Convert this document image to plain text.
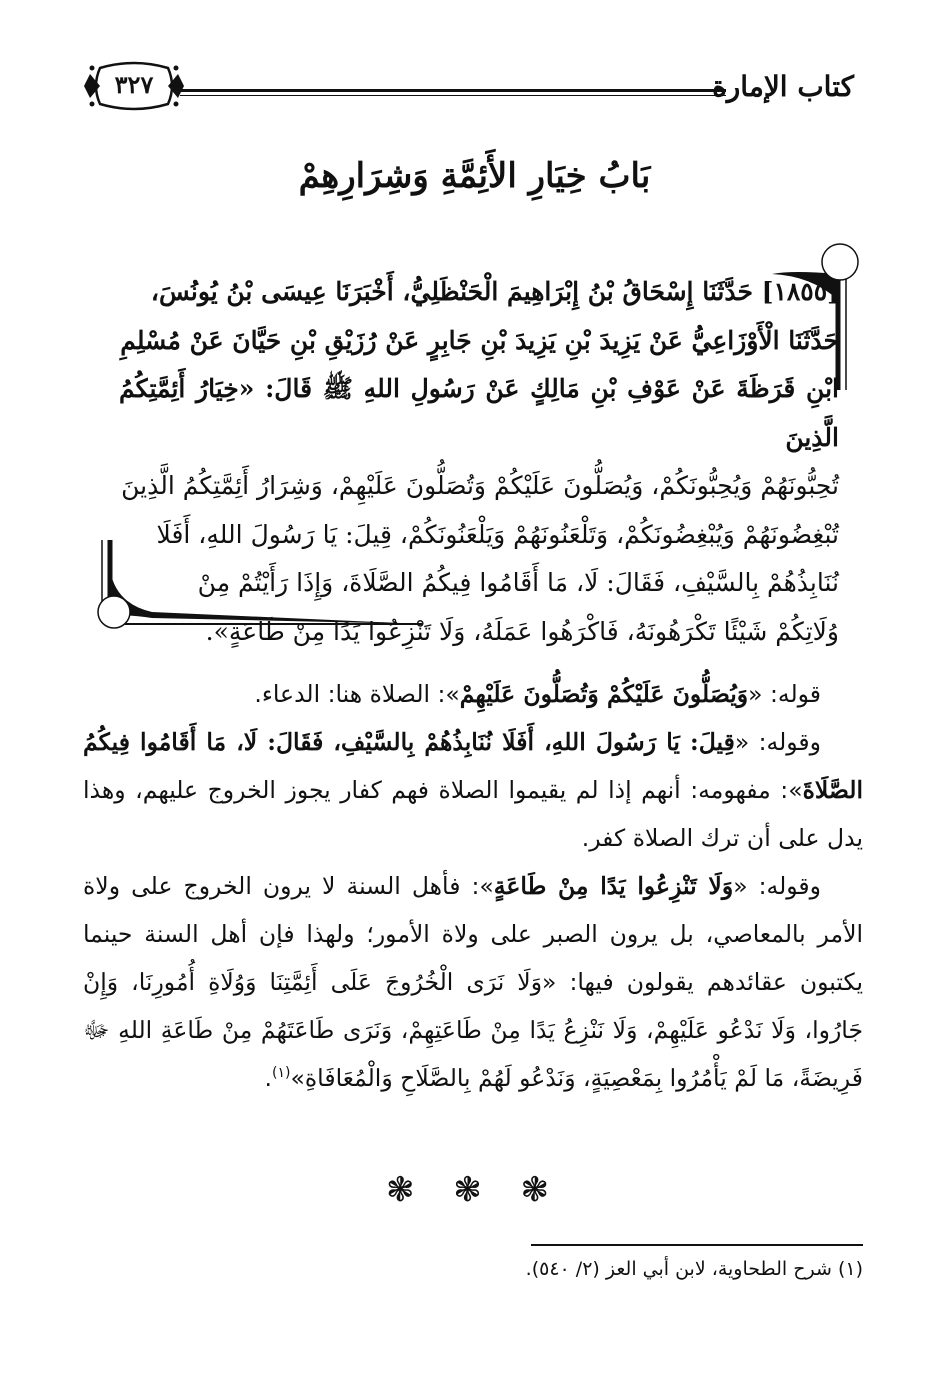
كتاب الإمارة
٣٢٧
بَابُ خِيَارِ الأَئِمَّةِ وَشِرَارِهِمْ
[١٨٥٥] حَدَّثَنَا إِسْحَاقُ بْنُ إِبْرَاهِيمَ الْحَنْظَلِيُّ، أَخْبَرَنَا عِيسَى بْنُ يُونُسَ،
حَدَّثَنَا الْأَوْزَاعِيُّ عَنْ يَزِيدَ بْنِ يَزِيدَ بْنِ جَابِرٍ عَنْ رُزَيْقِ بْنِ حَيَّانَ عَنْ مُسْلِمِ
ابْنِ قَرَظَةَ عَنْ عَوْفِ بْنِ مَالِكٍ عَنْ رَسُولِ اللهِ ﷺ قَالَ: «خِيَارُ أَئِمَّتِكُمُ الَّذِينَ
تُحِبُّونَهُمْ وَيُحِبُّونَكُمْ، وَيُصَلُّونَ عَلَيْكُمْ وَتُصَلُّونَ عَلَيْهِمْ، وَشِرَارُ أَئِمَّتِكُمُ الَّذِينَ
تُبْغِضُونَهُمْ وَيُبْغِضُونَكُمْ، وَتَلْعَنُونَهُمْ وَيَلْعَنُونَكُمْ، قِيلَ: يَا رَسُولَ اللهِ، أَفَلَا
نُنَابِذُهُمْ بِالسَّيْفِ، فَقَالَ: لَا، مَا أَقَامُوا فِيكُمُ الصَّلَاةَ، وَإِذَا رَأَيْتُمْ مِنْ
وُلَاتِكُمْ شَيْئًا تَكْرَهُونَهُ، فَاكْرَهُوا عَمَلَهُ، وَلَا تَنْزِعُوا يَدًا مِنْ طَاعَةٍ».

قوله: «وَيُصَلُّونَ عَلَيْكُمْ وَتُصَلُّونَ عَلَيْهِمْ»: الصلاة هنا: الدعاء.

وقوله: «قِيلَ: يَا رَسُولَ اللهِ، أَفَلَا نُنَابِذُهُمْ بِالسَّيْفِ، فَقَالَ: لَا، مَا أَقَامُوا فِيكُمُ الصَّلَاةَ»: مفهومه: أنهم إذا لم يقيموا الصلاة فهم كفار يجوز الخروج عليهم، وهذا يدل على أن ترك الصلاة كفر.

وقوله: «وَلَا تَنْزِعُوا يَدًا مِنْ طَاعَةٍ»: فأهل السنة لا يرون الخروج على ولاة الأمر بالمعاصي، بل يرون الصبر على ولاة الأمور؛ ولهذا فإن أهل السنة حينما يكتبون عقائدهم يقولون فيها: «وَلَا نَرَى الْخُرُوجَ عَلَى أَئِمَّتِنَا وَوُلَاةِ أُمُورِنَا، وَإِنْ جَارُوا، وَلَا نَدْعُو عَلَيْهِمْ، وَلَا نَنْزِعُ يَدًا مِنْ طَاعَتِهِمْ، وَنَرَى طَاعَتَهُمْ مِنْ طَاعَةِ اللهِ ﷻ فَرِيضَةً، مَا لَمْ يَأْمُرُوا بِمَعْصِيَةٍ، وَنَدْعُو لَهُمْ بِالصَّلَاحِ وَالْمُعَافَاةِ»$^{(١)}$.

❃ ❃ ❃
(١) شرح الطحاوية، لابن أبي العز (٢/ ٥٤٠).
